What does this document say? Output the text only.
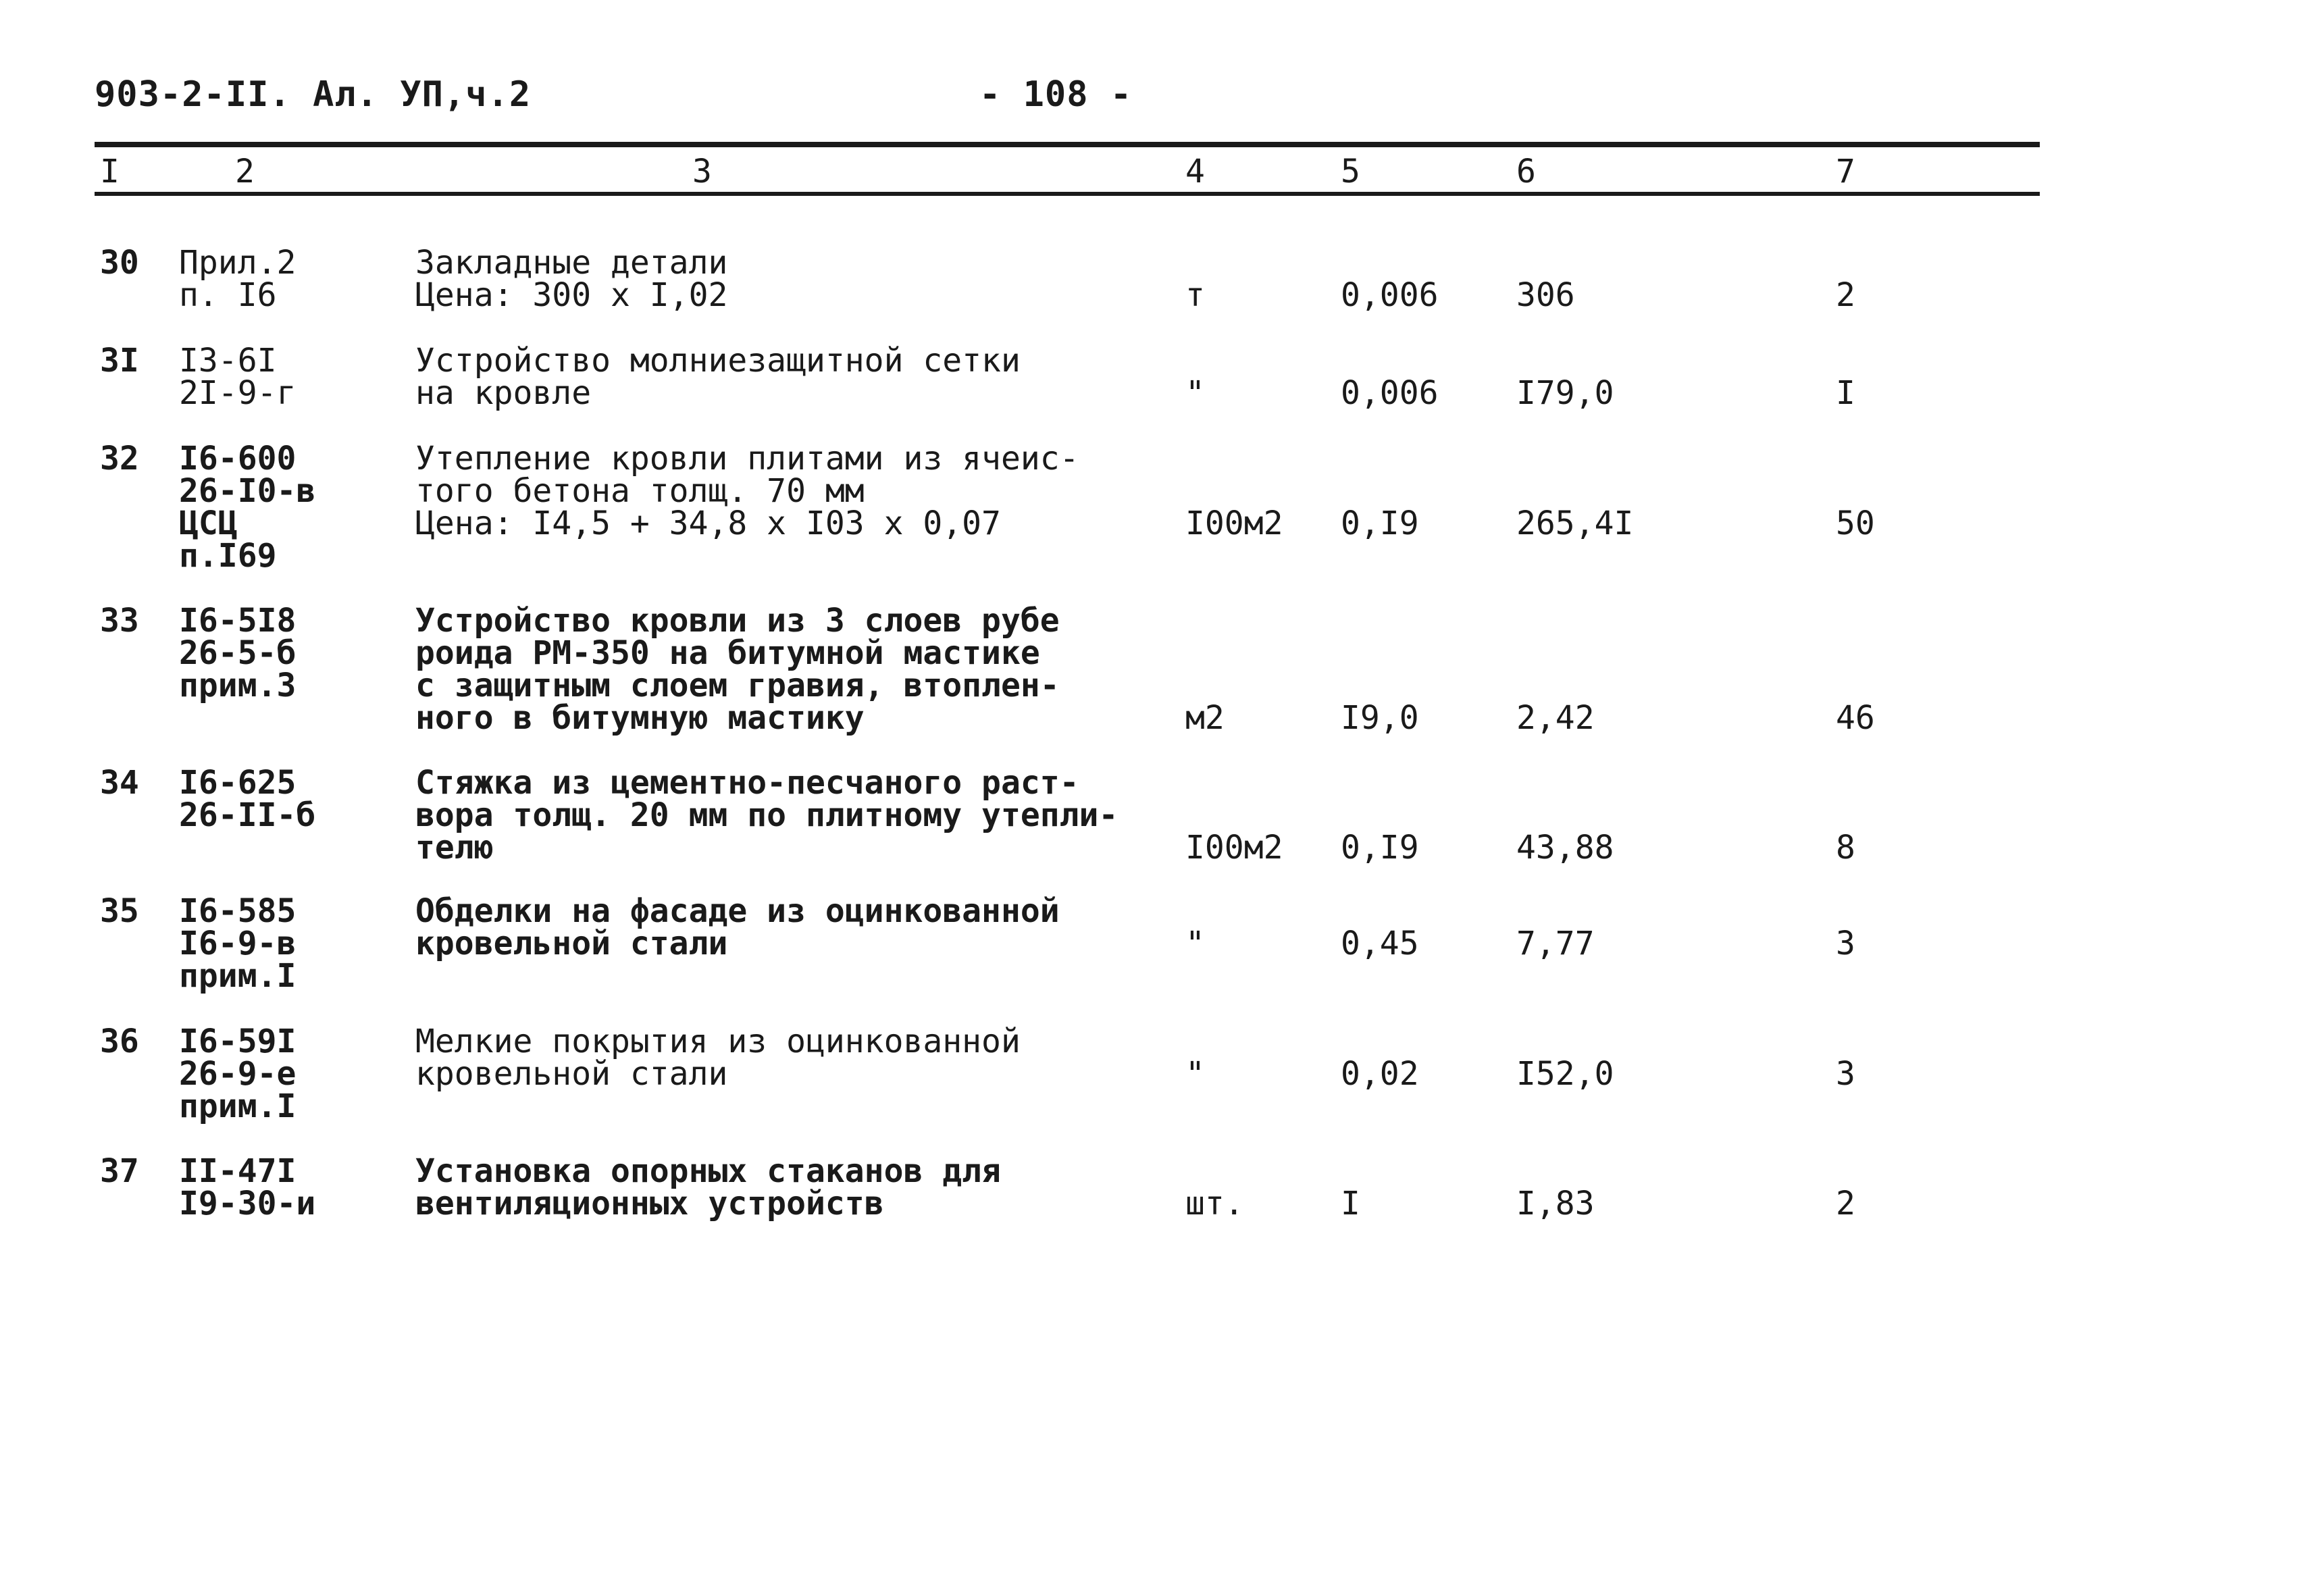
903-2-II. Ал. УП,ч.2	- 108 -
I	2	3	4	5	6	7
30 Прил.2
п. I6
Закладные детали
Цена: 300 х I,02	т	0,006 306	2
3I I3-6I
2I-9-г
Устройство молниезащитной сетки
на кровле	"	0,006 I79,0	I
32 I6-600
26-I0-в
ЦСЦ
п.I69
Утепление кровли плитами из ячеис-
того бетона толщ. 70 мм
Цена: I4,5 + 34,8 х I03 х 0,07	I00м2 0,I9	265,4I	50
33 I6-5I8
26-5-б
прим.3
Устройство кровли из 3 слоев рубе
роида РМ-350 на битумной мастике
с защитным слоем гравия, втоплен-
ного в битумную мастику	м2	I9,0	2,42	46
34 I6-625
26-II-б
Стяжка из цементно-песчаного раст-
вора толщ. 20 мм по плитному утепли-
телю	I00м2 0,I9	43,88	8
35 I6-585
I6-9-в
прим.I
Обделки на фасаде из оцинкованной
кровельной стали	"	0,45	7,77	3
36 I6-59I
26-9-е
прим.I
Мелкие покрытия из оцинкованной
кровельной стали	"	0,02	I52,0	3
37 II-47I
I9-30-и
Установка опорных стаканов для
вентиляционных устройств	шт.	I	I,83	2
